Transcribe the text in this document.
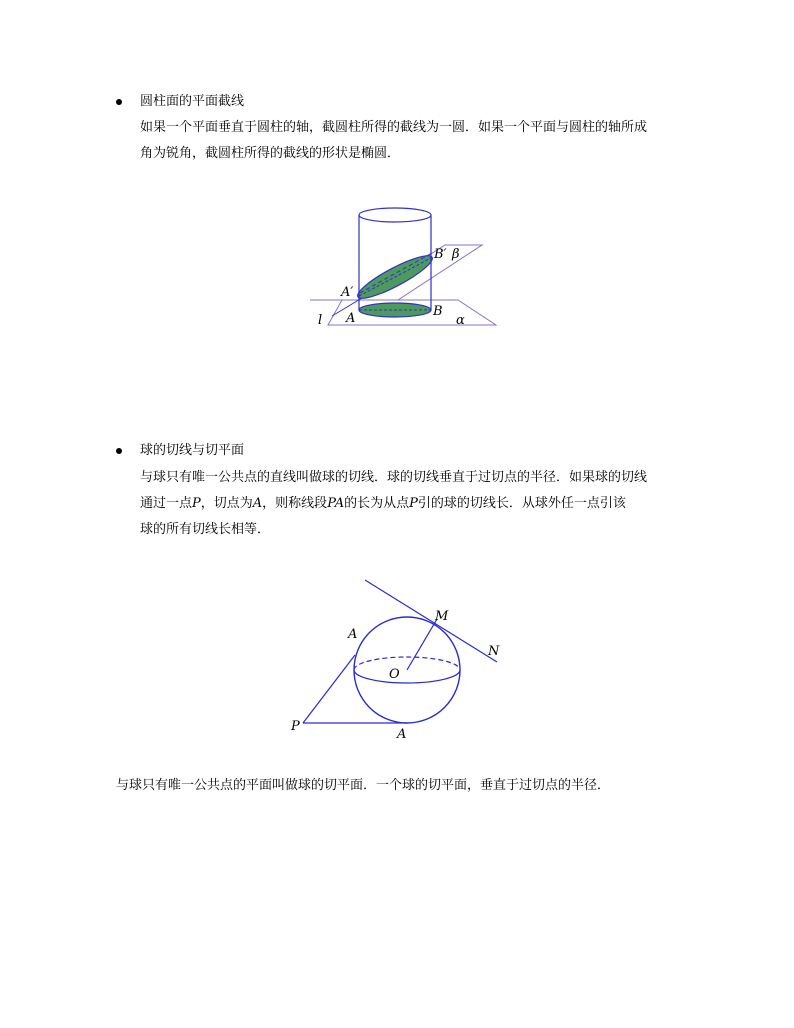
圆柱面的平面截线
如果一个平面垂直于圆柱的轴，截圆柱所得的截线为一圆．如果一个平面与圆柱的轴所成
角为锐角，截圆柱所得的截线的形状是椭圆．
B′ β
A′
l A	B
α
球的切线与切平面
与球只有唯一公共点的直线叫做球的切线．球的切线垂直于过切点的半径．如果球的切线
通过一点P，切点为A，则称线段PA的长为从点P引的球的切线长．从球外任一点引该
球的所有切线长相等．
M
N
A
O
P
A
与球只有唯一公共点的平面叫做球的切平面．一个球的切平面，垂直于过切点的半径．
